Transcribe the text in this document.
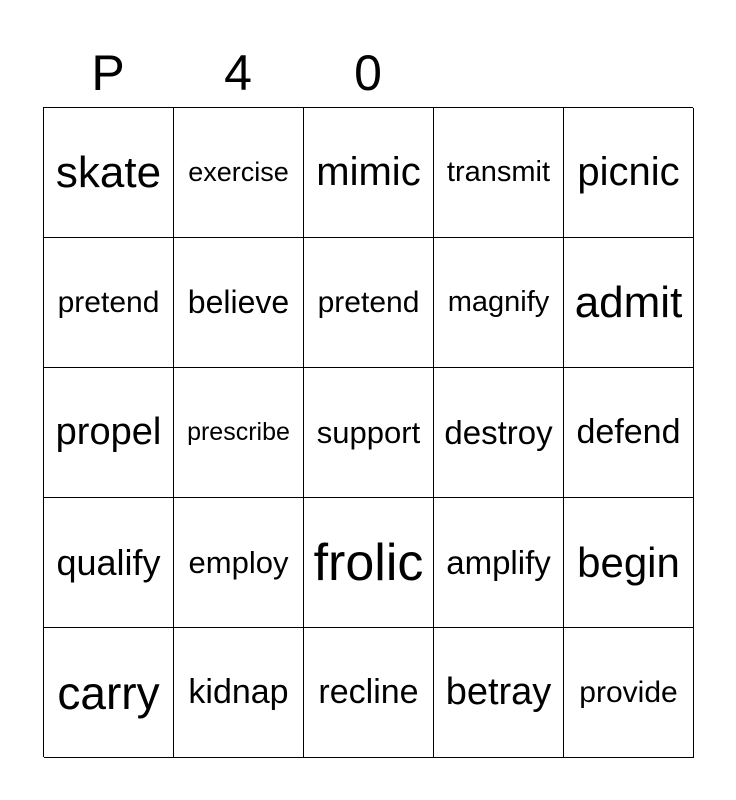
P	4	0
skate exercise mimic transmit picnic
pretend believe pretend magnify admit
propel prescribe support destroy defend
qualify employ frolic amplify begin
carry kidnap recline betray provide
